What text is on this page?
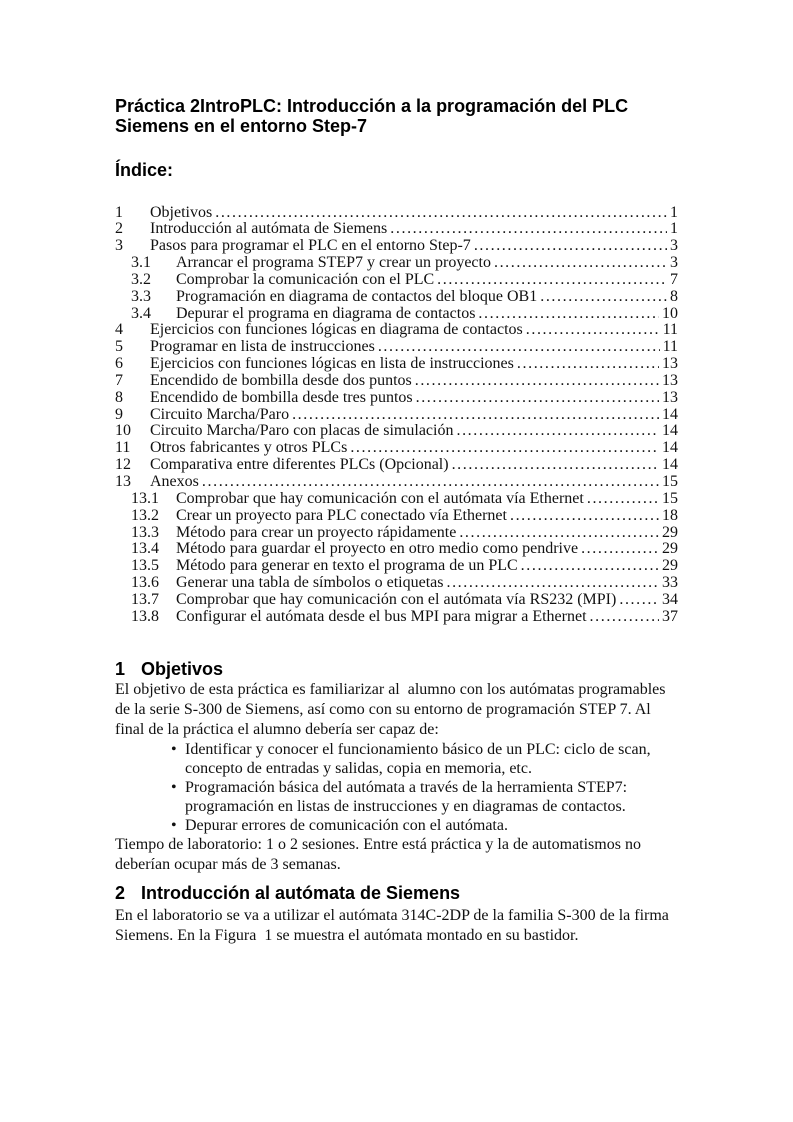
Práctica 2IntroPLC: Introducción a la programación del PLC Siemens en el entorno Step-7
Índice:
1	Objetivos .....	1
2	Introducción al autómata de Siemens .....	1
3	Pasos para programar el PLC en el entorno Step-7 .....	3
3.1	Arrancar el programa STEP7 y crear un proyecto .....	3
3.2	Comprobar la comunicación con el PLC .....	7
3.3	Programación en diagrama de contactos del bloque OB1 .....	8
3.4	Depurar el programa en diagrama de contactos .....	10
4	Ejercicios con funciones lógicas en diagrama de contactos .....	11
5	Programar en lista de instrucciones .....	11
6	Ejercicios con funciones lógicas en lista de instrucciones .....	13
7	Encendido de bombilla desde dos puntos .....	13
8	Encendido de bombilla desde tres puntos .....	13
9	Circuito Marcha/Paro .....	14
10	Circuito Marcha/Paro con placas de simulación .....	14
11	Otros fabricantes y otros PLCs .....	14
12	Comparativa entre diferentes PLCs (Opcional) .....	14
13	Anexos .....	15
13.1	Comprobar que hay comunicación con el autómata vía Ethernet .....	15
13.2	Crear un proyecto para PLC conectado vía Ethernet .....	18
13.3	Método para crear un proyecto rápidamente .....	29
13.4	Método para guardar el proyecto en otro medio como pendrive .....	29
13.5	Método para generar en texto el programa de un PLC .....	29
13.6	Generar una tabla de símbolos o etiquetas .....	33
13.7	Comprobar que hay comunicación con el autómata vía RS232 (MPI) .....	34
13.8	Configurar el autómata desde el bus MPI para migrar a Ethernet .....	37
1 Objetivos

El objetivo de esta práctica es familiarizar al  alumno con los autómatas programables de la serie S-300 de Siemens, así como con su entorno de programación STEP 7. Al final de la práctica el alumno debería ser capaz de:

• Identificar y conocer el funcionamiento básico de un PLC: ciclo de scan, concepto de entradas y salidas, copia en memoria, etc.
• Programación básica del autómata a través de la herramienta STEP7: programación en listas de instrucciones y en diagramas de contactos.
• Depurar errores de comunicación con el autómata.

Tiempo de laboratorio: 1 o 2 sesiones. Entre está práctica y la de automatismos no deberían ocupar más de 3 semanas.

2 Introducción al autómata de Siemens

En el laboratorio se va a utilizar el autómata 314C-2DP de la familia S-300 de la firma Siemens. En la Figura  1 se muestra el autómata montado en su bastidor.
